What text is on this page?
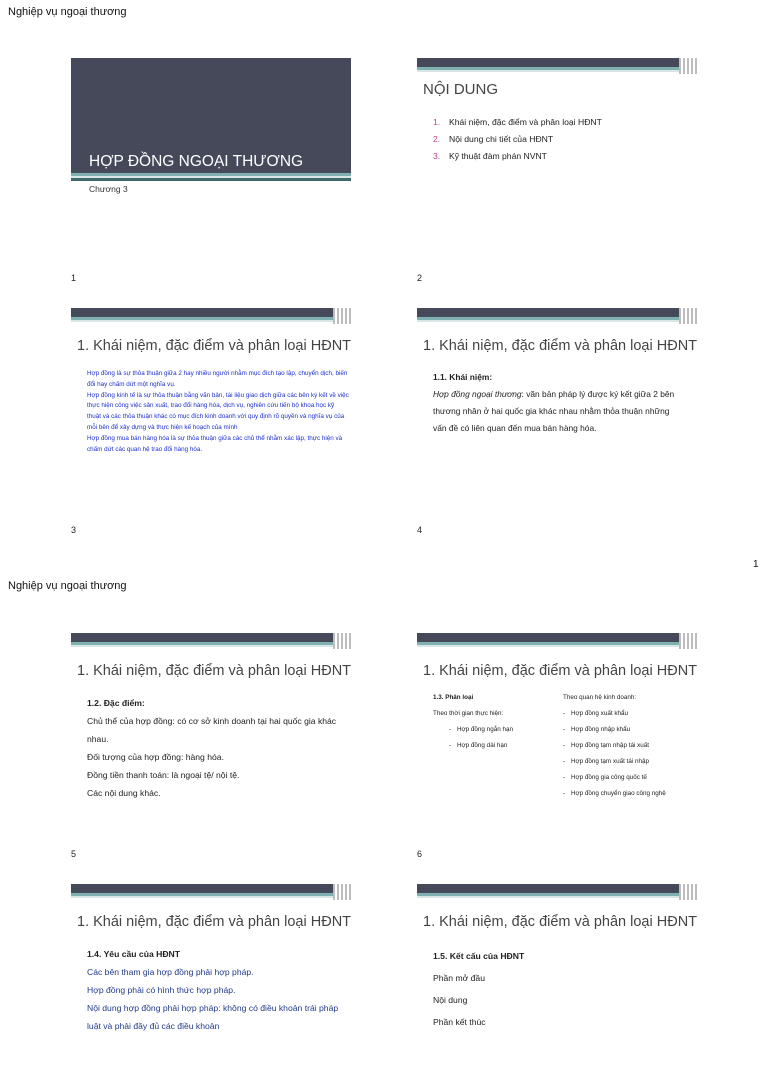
Nghiệp vụ ngoại thương
HỢP ĐỒNG NGOẠI THƯƠNG
Chương 3
1
NỘI DUNG
1. Khái niệm, đặc điểm và phân loại HĐNT
2. Nội dung chi tiết của HĐNT
3. Kỹ thuật đàm phán NVNT
2
1. Khái niệm, đặc điểm và phân loại HĐNT
Hợp đồng là sự thỏa thuận giữa 2 hay nhiều người nhằm mục đích tạo lập, chuyển dịch, biến đổi hay chấm dứt một nghĩa vụ.
Hợp đồng kinh tế là sự thỏa thuận bằng văn bản, tài liệu giao dịch giữa các bên ký kết về việc thực hiện công việc sản xuất, trao đổi hàng hóa, dịch vụ, nghiên cứu tiến bộ khoa học kỹ thuật và các thỏa thuận khác có mục đích kinh doanh với quy định rõ quyền và nghĩa vụ của mỗi bên để xây dựng và thực hiện kế hoạch của mình
Hợp đồng mua bán hàng hóa là sự thỏa thuận giữa các chủ thể nhằm xác lập, thực hiện và chấm dứt các quan hệ trao đổi hàng hóa.
3
1. Khái niệm, đặc điểm và phân loại HĐNT
1.1. Khái niệm:
Hợp đồng ngoại thương: văn bản pháp lý được ký kết giữa 2 bên thương nhân ở hai quốc gia khác nhau nhằm thỏa thuận những vấn đề có liên quan đến mua bán hàng hóa.
4
1
Nghiệp vụ ngoại thương
1. Khái niệm, đặc điểm và phân loại HĐNT
1.2. Đặc điểm:
Chủ thể của hợp đồng: có cơ sở kinh doanh tại hai quốc gia khác nhau.
Đối tượng của hợp đồng: hàng hóa.
Đồng tiền thanh toán: là ngoại tệ/ nội tệ.
Các nội dung khác.
5
1. Khái niệm, đặc điểm và phân loại HĐNT
1.3. Phân loại
Theo thời gian thực hiện:
- Hợp đồng ngắn hạn
- Hợp đồng dài hạn
Theo quan hệ kinh doanh:
- Hợp đồng xuất khẩu
- Hợp đồng nhập khẩu
- Hợp đồng tạm nhập tái xuất
- Hợp đồng tạm xuất tái nhập
- Hợp đồng gia công quốc tế
- Hợp đồng chuyển giao công nghệ
6
1. Khái niệm, đặc điểm và phân loại HĐNT
1.4. Yêu cầu của HĐNT
Các bên tham gia hợp đồng phải hợp pháp.
Hợp đồng phải có hình thức hợp pháp.
Nội dung hợp đồng phải hợp pháp: không có điều khoản trái pháp luật và phải đầy đủ các điều khoản
1. Khái niệm, đặc điểm và phân loại HĐNT
1.5. Kết cấu của HĐNT
Phần mở đầu
Nội dung
Phần kết thúc
